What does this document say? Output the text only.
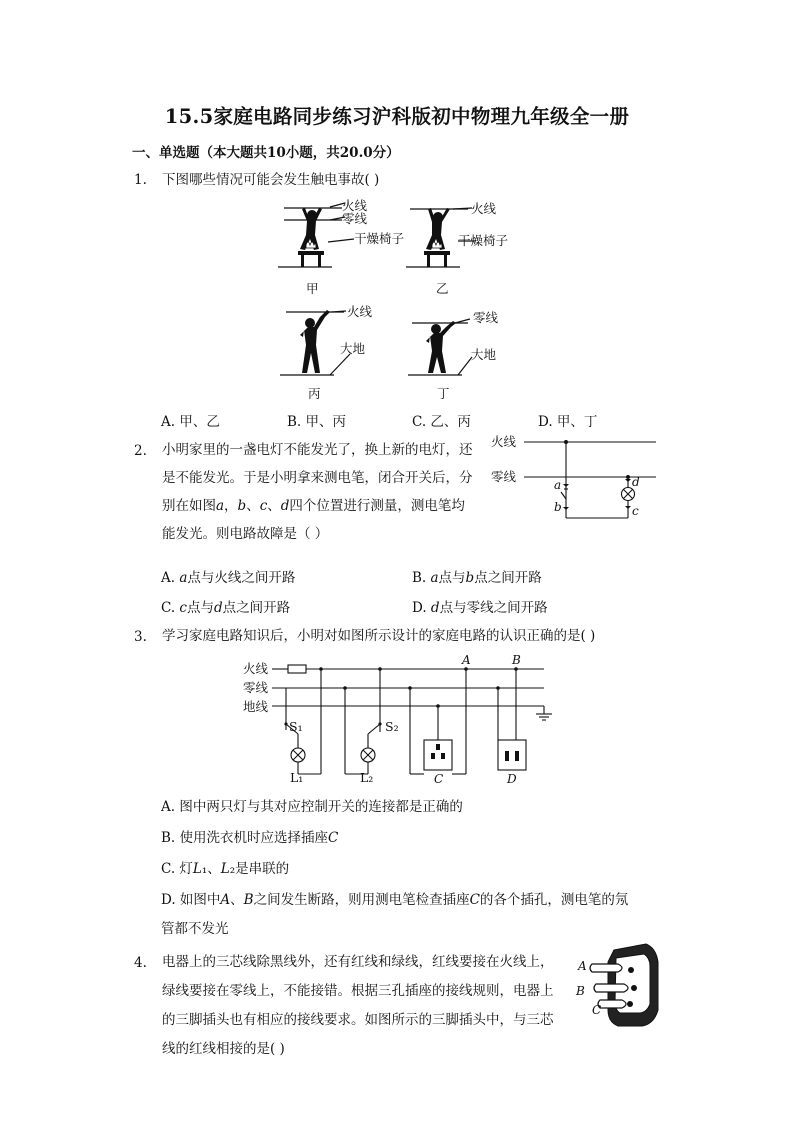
15.5家庭电路同步练习沪科版初中物理九年级全一册
一、单选题（本大题共10小题，共20.0分）
1. 下图哪些情况可能会发生触电事故( )
火线
零线
干燥椅子
甲
火线
干燥椅子
乙
火线
大地
丙
零线
大地
丁
A. 甲、乙	B. 甲、丙	C. 乙、丙	D. 甲、丁
2. 小明家里的一盏电灯不能发光了，换上新的电灯，还
是不能发光。于是小明拿来测电笔，闭合开关后，分
别在如图𝑎，𝑏、𝑐、𝑑四个位置进行测量，测电笔均
能发光。则电路故障是（ ）
火线
零线
a
b	c
d
A. 𝑎点与火线之间开路	B. 𝑎点与𝑏点之间开路
C. 𝑐点与𝑑点之间开路	D. 𝑑点与零线之间开路
3. 学习家庭电路知识后，小明对如图所示设计的家庭电路的认识正确的是( )
火线
零线
地线
S₁	S₂
L₁	L₂
A	B
C	D
A. 图中两只灯与其对应控制开关的连接都是正确的
B. 使用洗衣机时应选择插座𝐶
C. 灯𝐿₁、𝐿₂是串联的
D. 如图中𝐴、𝐵之间发生断路，则用测电笔检查插座𝐶的各个插孔，测电笔的氖
管都不发光
4. 电器上的三芯线除黑线外，还有红线和绿线，红线要接在火线上，
绿线要接在零线上，不能接错。根据三孔插座的接线规则，电器上
的三脚插头也有相应的接线要求。如图所示的三脚插头中，与三芯
线的红线相接的是( )
A
B
C
